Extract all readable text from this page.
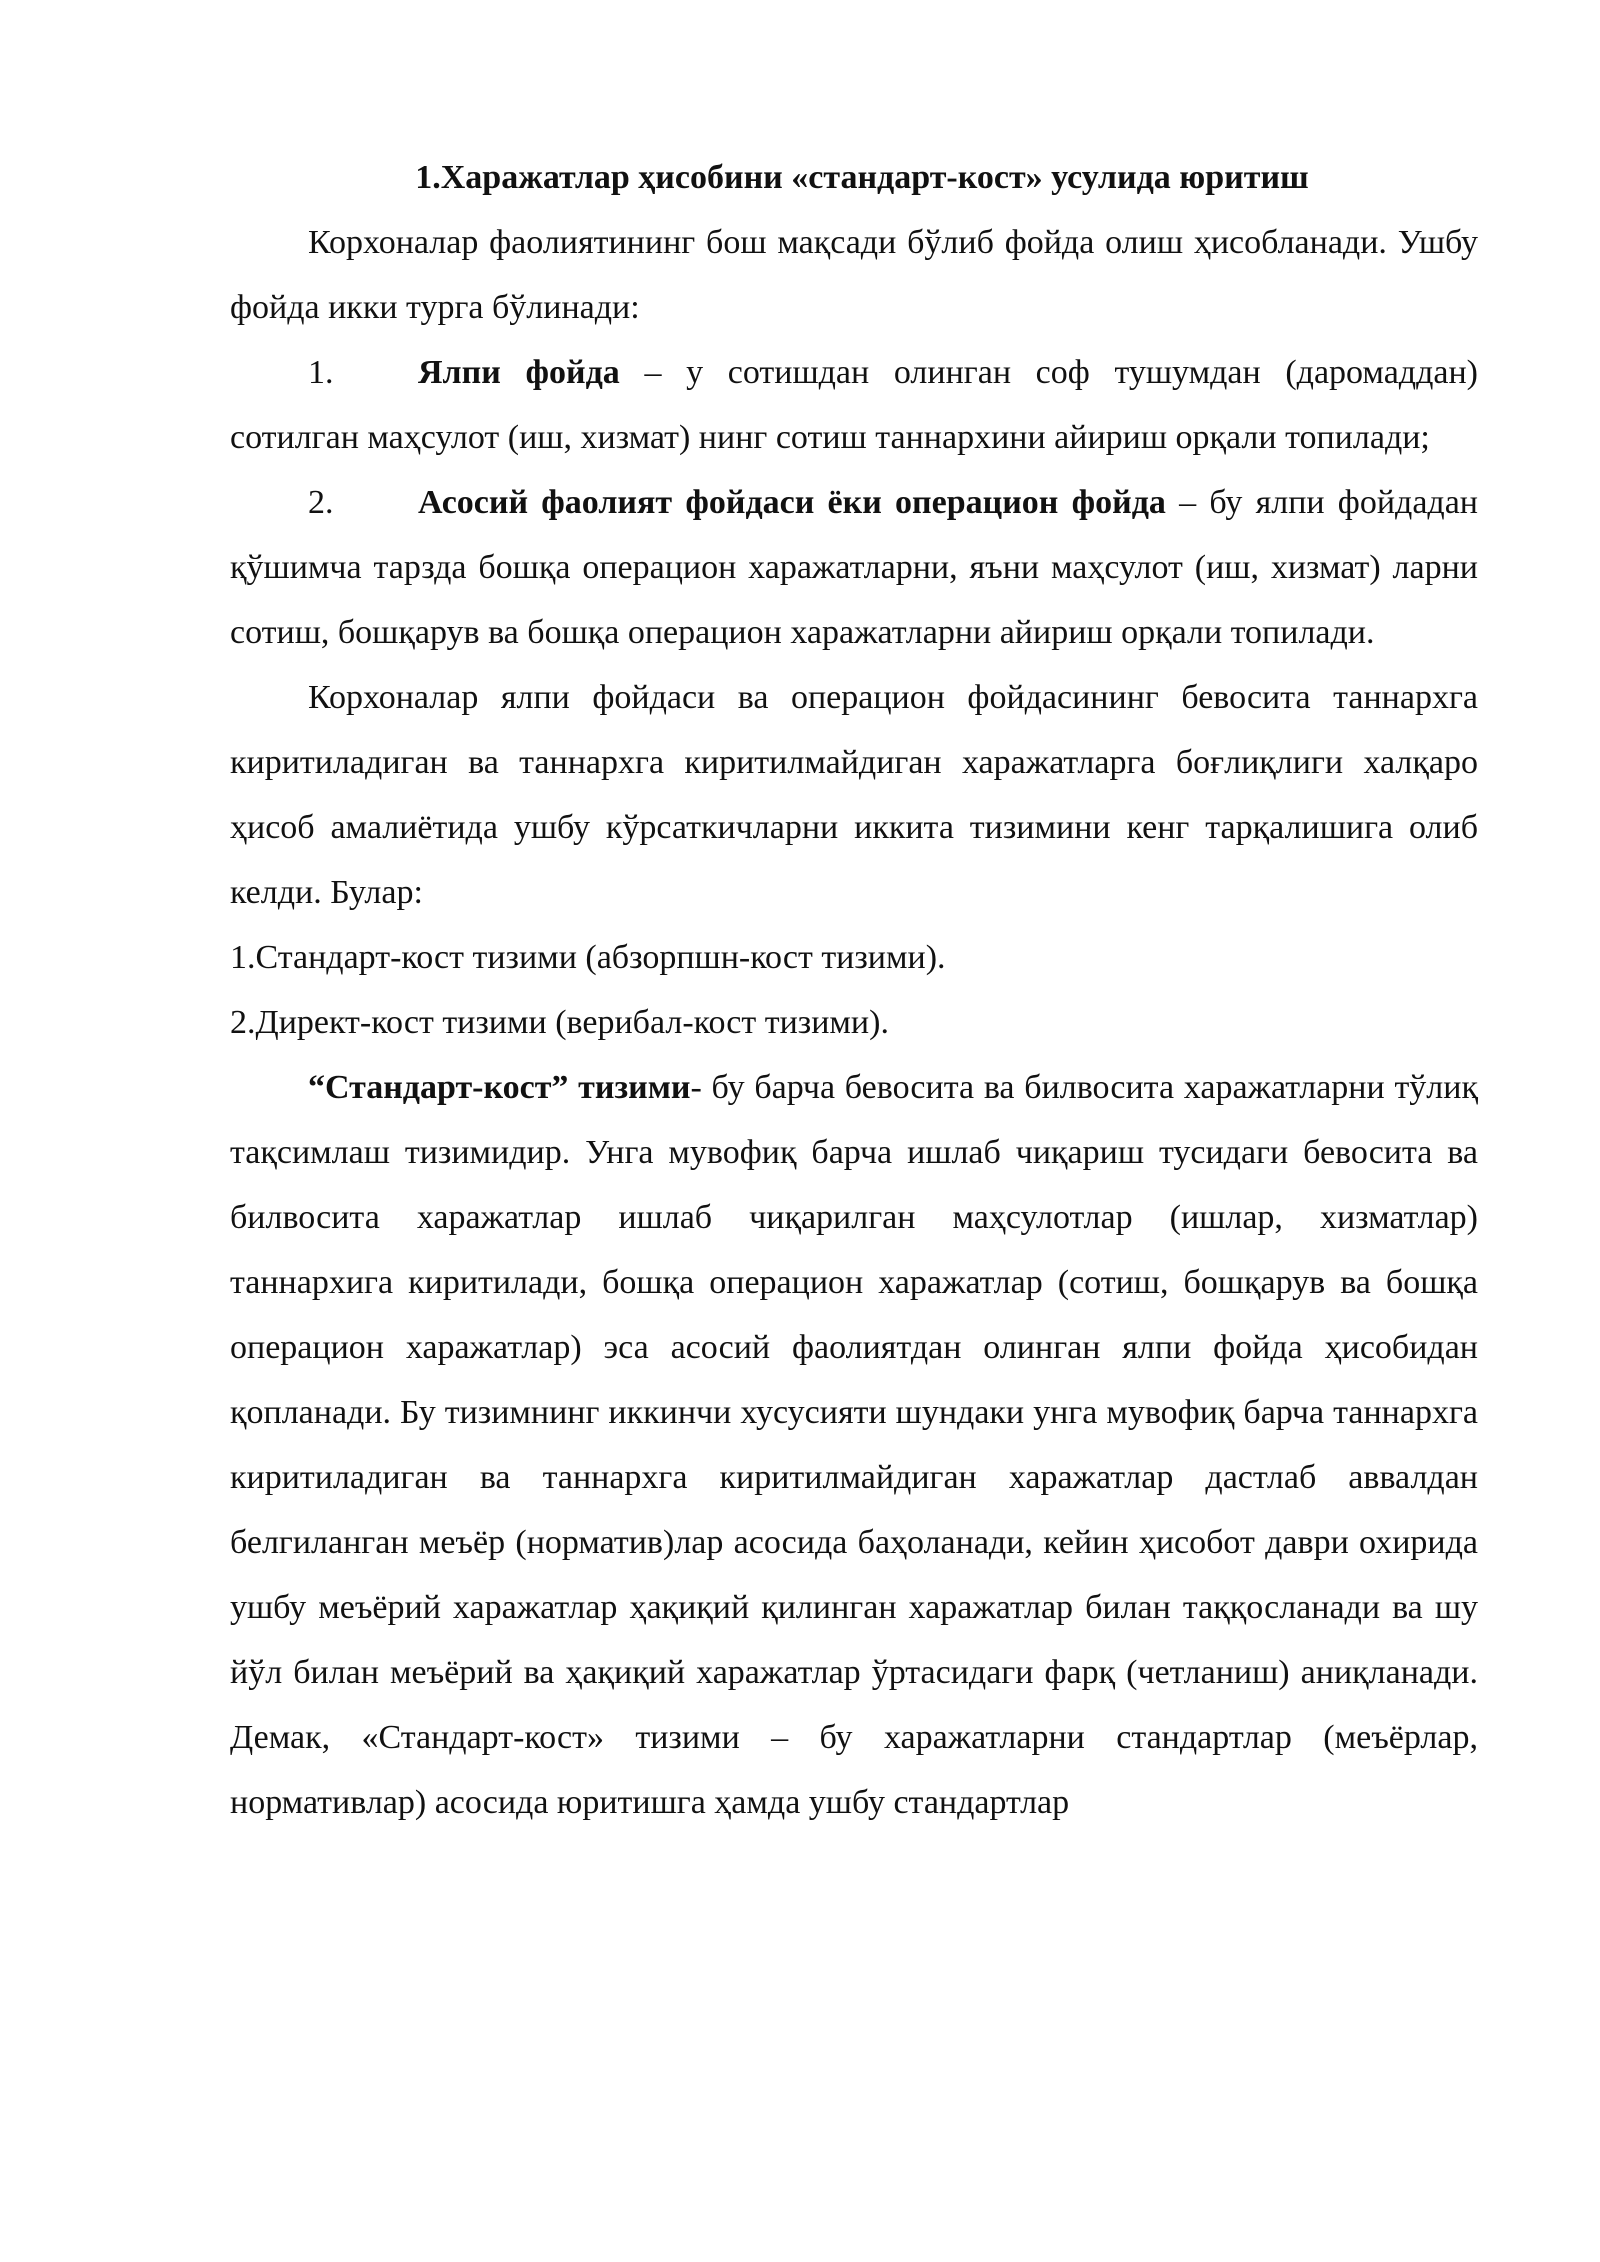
1.Харажатлар ҳисобини «стандарт-кост» усулида юритиш

Корхоналар фаолиятининг бош мақсади бўлиб фойда олиш ҳисобланади. Ушбу фойда икки турга бўлинади:

1. Ялпи фойда – у сотишдан олинган соф тушумдан (даромаддан) сотилган маҳсулот (иш, хизмат) нинг сотиш таннархини айириш орқали топилади;

2. Асосий фаолият фойдаси ёки операцион фойда – бу ялпи фойдадан қўшимча тарзда бошқа операцион харажатларни, яъни маҳсулот (иш, хизмат) ларни сотиш, бошқарув ва бошқа операцион харажатларни айириш орқали топилади.

Корхоналар ялпи фойдаси ва операцион фойдасининг бевосита таннархга киритиладиган ва таннархга киритилмайдиган харажатларга боғлиқлиги халқаро ҳисоб амалиётида ушбу кўрсаткичларни иккита тизимини кенг тарқалишига олиб келди. Булар:

1.Стандарт-кост тизими (абзорпшн-кост тизими).

2.Директ-кост тизими (верибал-кост тизими).

“Стандарт-кост” тизими- бу барча бевосита ва билвосита харажатларни тўлиқ тақсимлаш тизимидир. Унга мувофиқ барча ишлаб чиқариш тусидаги бевосита ва билвосита харажатлар ишлаб чиқарилган маҳсулотлар (ишлар, хизматлар) таннархига киритилади, бошқа операцион харажатлар (сотиш, бошқарув ва бошқа операцион харажатлар) эса асосий фаолиятдан олинган ялпи фойда ҳисобидан қопланади. Бу тизимнинг иккинчи хусусияти шундаки унга мувофиқ барча таннархга киритиладиган ва таннархга киритилмайдиган харажатлар дастлаб аввалдан белгиланган меъёр (норматив)лар асосида баҳоланади, кейин ҳисобот даври охирида ушбу меъёрий харажатлар ҳақиқий қилинган харажатлар билан таққосланади ва шу йўл билан меъёрий ва ҳақиқий харажатлар ўртасидаги фарқ (четланиш) аниқланади. Демак, «Стандарт-кост» тизими – бу харажатларни стандартлар (меъёрлар, нормативлар) асосида юритишга ҳамда ушбу стандартлар
